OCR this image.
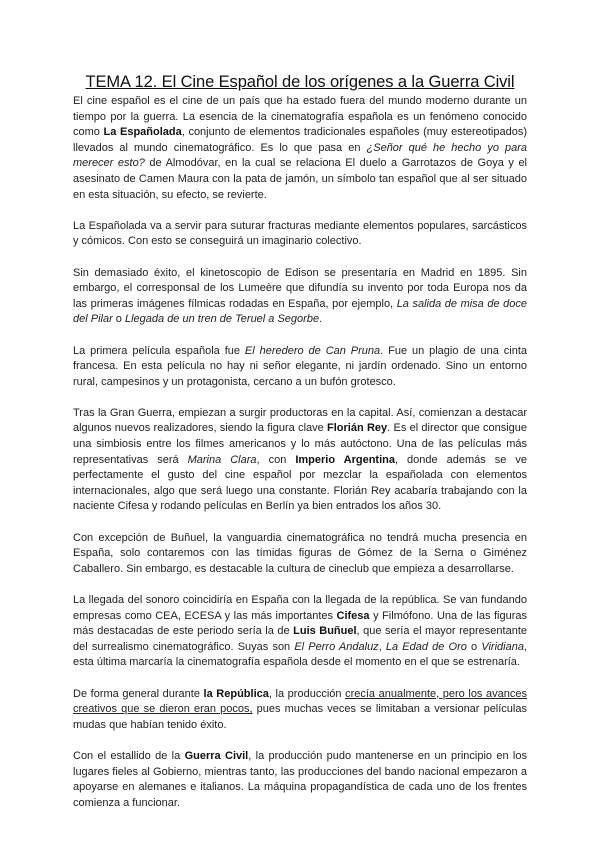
TEMA 12. El Cine Español de los orígenes a la Guerra Civil

El cine español es el cine de un país que ha estado fuera del mundo moderno durante un tiempo por la guerra. La esencia de la cinematografía española es un fenómeno conocido como La Españolada, conjunto de elementos tradicionales españoles (muy estereotipados) llevados al mundo cinematográfico. Es lo que pasa en ¿Señor qué he hecho yo para merecer esto? de Almodóvar, en la cual se relaciona El duelo a Garrotazos de Goya y el asesinato de Camen Maura con la pata de jamón, un símbolo tan español que al ser situado en esta situación, su efecto, se revierte.

La Españolada va a servir para suturar fracturas mediante elementos populares, sarcásticos y cómicos. Con esto se conseguirá un imaginario colectivo.

Sin demasiado éxito, el kinetoscopio de Edison se presentaría en Madrid en 1895. Sin embargo, el corresponsal de los Lumeère que difundía su invento por toda Europa nos da las primeras imágenes fílmicas rodadas en España, por ejemplo, La salida de misa de doce del Pilar o Llegada de un tren de Teruel a Segorbe.

La primera película española fue El heredero de Can Pruna. Fue un plagio de una cinta francesa. En esta película no hay ni señor elegante, ni jardín ordenado. Sino un entorno rural, campesinos y un protagonista, cercano a un bufón grotesco.

Tras la Gran Guerra, empiezan a surgir productoras en la capital. Así, comienzan a destacar algunos nuevos realizadores, siendo la figura clave Florián Rey. Es el director que consigue una simbiosis entre los filmes americanos y lo más autóctono. Una de las películas más representativas será Marina Clara, con Imperio Argentina, donde además se ve perfectamente el gusto del cine español por mezclar la españolada con elementos internacionales, algo que será luego una constante. Florián Rey acabaría trabajando con la naciente Cifesa y rodando películas en Berlín ya bien entrados los años 30.

Con excepción de Buñuel, la vanguardia cinematográfica no tendrá mucha presencia en España, solo contaremos con las tímidas figuras de Gómez de la Serna o Giménez Caballero. Sin embargo, es destacable la cultura de cineclub que empieza a desarrollarse.

La llegada del sonoro coincidiría en España con la llegada de la república. Se van fundando empresas como CEA, ECESA y las más importantes Cifesa y Filmófono. Una de las figuras más destacadas de este periodo sería la de Luis Buñuel, que sería el mayor representante del surrealismo cinematográfico. Suyas son El Perro Andaluz, La Edad de Oro o Viridiana, esta última marcaría la cinematografía española desde el momento en el que se estrenaría.

De forma general durante la República, la producción crecía anualmente, pero los avances creativos que se dieron eran pocos, pues muchas veces se limitaban a versionar películas mudas que habían tenido éxito.

Con el estallido de la Guerra Civil, la producción pudo mantenerse en un principio en los lugares fieles al Gobierno, mientras tanto, las producciones del bando nacional empezaron a apoyarse en alemanes e italianos. La máquina propagandística de cada uno de los frentes comienza a funcionar.
